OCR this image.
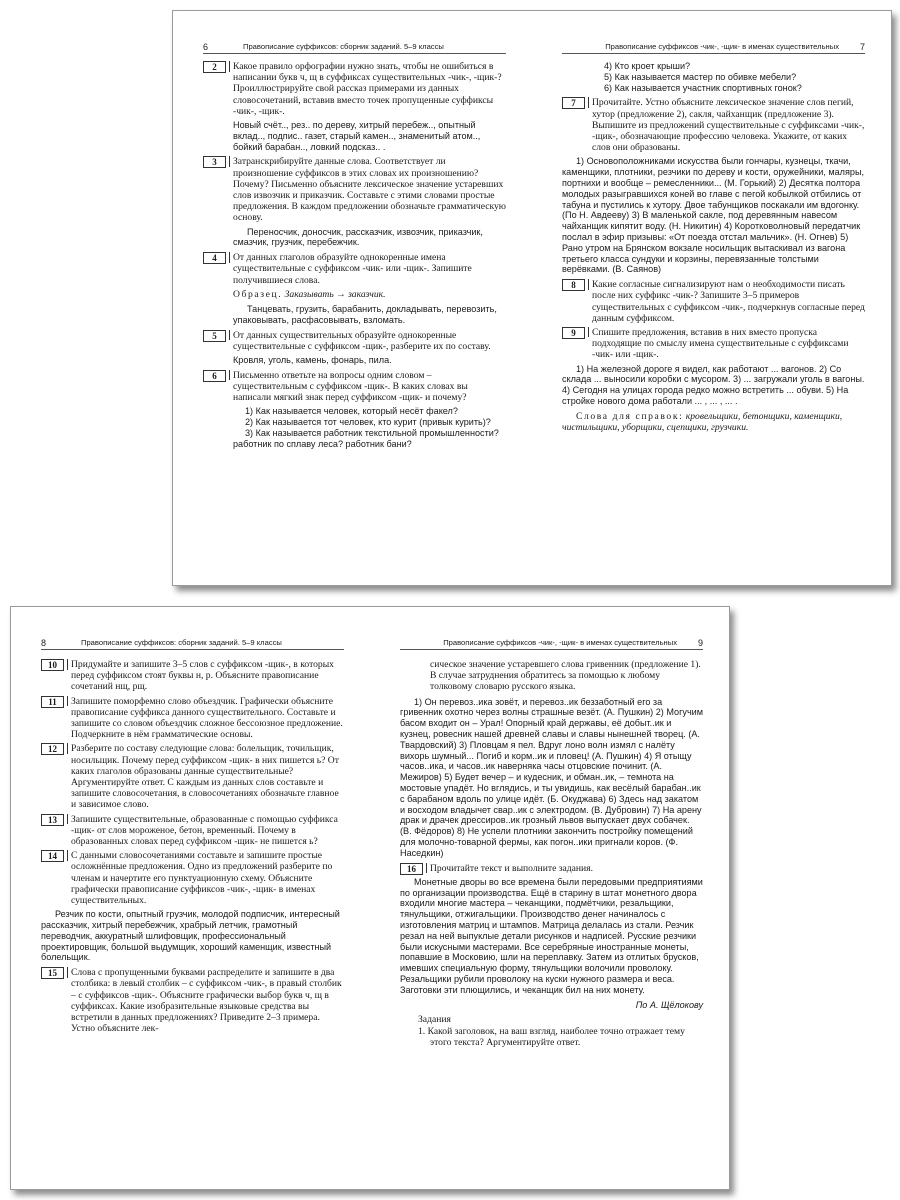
6	Правописание суффиксов: сборник заданий. 5–9 классы
2	Какое правило орфографии нужно знать, чтобы не ошибиться в написании букв ч, щ в суффиксах существительных -чик-, -щик-? Проиллюстрируйте свой рассказ примерами из данных словосочетаний, вставив вместо точек пропущенные суффиксы -чик-, -щик-.
Новый счёт.., рез.. по дереву, хитрый перебеж.., опытный вклад.., подпис.. газет, старый камен.., знаменитый атом.., бойкий барабан.., ловкий подсказ.. .
3	Затранскрибируйте данные слова. Соответствует ли произношение суффиксов в этих словах их произношению? Почему? Письменно объясните лексическое значение устаревших слов извозчик и приказчик. Составьте с этими словами простые предложения. В каждом предложении обозначьте грамматическую основу.
Переносчик, доносчик, рассказчик, извозчик, приказчик, смазчик, грузчик, перебежчик.
4	От данных глаголов образуйте однокоренные имена существительные с суффиксом -чик- или -щик-. Запишите получившиеся слова.
Образец. Заказывать → заказчик.
Танцевать, грузить, барабанить, докладывать, перевозить, упаковывать, расфасовывать, взломать.
5	От данных существительных образуйте однокоренные существительные с суффиксом -щик-, разберите их по составу.
Кровля, уголь, камень, фонарь, пила.
6	Письменно ответьте на вопросы одним словом – существительным с суффиксом -щик-. В каких словах вы написали мягкий знак перед суффиксом -щик- и почему?
1) Как называется человек, который несёт факел?
2) Как называется тот человек, кто курит (привык курить)?
3) Как называется работник текстильной промышленности? работник по сплаву леса? работник бани?
Правописание суффиксов -чик-, -щик- в именах существительных 7
4) Кто кроет крыши?
5) Как называется мастер по обивке мебели?
6) Как называется участник спортивных гонок?
7	Прочитайте. Устно объясните лексическое значение слов пегий, хутор (предложение 2), сакля, чайханщик (предложение 3). Выпишите из предложений существительные с суффиксами -чик-, -щик-, обозначающие профессию человека. Укажите, от каких слов они образованы.
1) Основоположниками искусства были гончары, кузнецы, ткачи, каменщики, плотники, резчики по дереву и кости, оружейники, маляры, портнихи и вообще – ремесленники... (М. Горький) 2) Десятка полтора молодых разыгравшихся коней во главе с пегой кобылкой отбились от табуна и пустились к хутору. Двое табунщиков поскакали им вдогонку. (По Н. Авдееву) 3) В маленькой сакле, под деревянным навесом чайханщик кипятит воду. (Н. Никитин) 4) Коротковолновый передатчик послал в эфир призывы: «От поезда отстал мальчик». (Н. Огнев) 5) Рано утром на Брянском вокзале носильщик вытаскивал из вагона третьего класса сундуки и корзины, перевязанные толстыми верёвками. (В. Саянов)
8	Какие согласные сигнализируют нам о необходимости писать после них суффикс -чик-? Запишите 3–5 примеров существительных с суффиксом -чик-, подчеркнув согласные перед данным суффиксом.
9	Спишите предложения, вставив в них вместо пропуска подходящие по смыслу имена существительные с суффиксами -чик- или -щик-.
1) На железной дороге я видел, как работают ... вагонов. 2) Со склада ... выносили коробки с мусором. 3) ... загружали уголь в вагоны. 4) Сегодня на улицах города редко можно встретить ... обуви. 5) На стройке нового дома работали ... , ... , ... .
Слова для справок: кровельщики, бетонщики, каменщики, чистильщики, уборщики, сцепщики, грузчики.
8	Правописание суффиксов: сборник заданий. 5–9 классы
10	Придумайте и запишите 3–5 слов с суффиксом -щик-, в которых перед суффиксом стоят буквы н, р. Объясните правописание сочетаний нщ, рщ.
11	Запишите поморфемно слово объездчик. Графически объясните правописание суффикса данного существительного. Составьте и запишите со словом объездчик сложное бессоюзное предложение. Подчеркните в нём грамматические основы.
12	Разберите по составу следующие слова: болельщик, точильщик, носильщик. Почему перед суффиксом -щик- в них пишется ь? От каких глаголов образованы данные существительные? Аргументируйте ответ. С каждым из данных слов составьте и запишите словосочетания, в словосочетаниях обозначьте главное и зависимое слово.
13	Запишите существительные, образованные с помощью суффикса -щик- от слов мороженое, бетон, временный. Почему в образованных словах перед суффиксом -щик- не пишется ь?
14	С данными словосочетаниями составьте и запишите простые осложнённые предложения. Одно из предложений разберите по членам и начертите его пунктуационную схему. Объясните графически правописание суффиксов -чик-, -щик- в именах существительных.
Резчик по кости, опытный грузчик, молодой подписчик, интересный рассказчик, хитрый перебежчик, храбрый летчик, грамотный переводчик, аккуратный шлифовщик, профессиональный проектировщик, большой выдумщик, хороший каменщик, известный болельщик.
15	Слова с пропущенными буквами распределите и запишите в два столбика: в левый столбик – с суффиксом -чик-, в правый столбик – с суффиксов -щик-. Объясните графически выбор букв ч, щ в суффиксах. Какие изобразительные языковые средства вы встретили в данных предложениях? Приведите 2–3 примера. Устно объясните лек-
Правописание суффиксов -чик-, -щик- в именах существительных 9
сическое значение устаревшего слова гривенник (предложение 1). В случае затруднения обратитесь за помощью к любому толковому словарю русского языка.
1) Он перевоз..ика зовёт, и перевоз..ик беззаботный его за гривенник охотно через волны страшные везёт. (А. Пушкин) 2) Могучим басом входит он – Урал! Опорный край державы, её добыт..ик и кузнец, ровесник нашей древней славы и славы нынешней творец. (А. Твардовский) 3) Пловцам я пел. Вдруг лоно волн измял с налёту вихорь шумный... Погиб и корм..ик и пловец! (А. Пушкин) 4) Я отыщу часов..ика, и часов..ик наверняка часы отцовские починит. (А. Межиров) 5) Будет вечер – и кудесник, и обман..ик, – темнота на мостовые упадёт. Но вглядись, и ты увидишь, как весёлый барабан..ик с барабаном вдоль по улице идёт. (Б. Окуджава) 6) Здесь над закатом и восходом владычет свар..ик с электродом. (В. Дубровин) 7) На арену драк и драчек дрессиров..ик грозный львов выпускает двух собачек. (В. Фёдоров) 8) Не успели плотники закончить постройку помещений для молочно-товарной фермы, как погон..ики пригнали коров. (Ф. Наседкин)
16	Прочитайте текст и выполните задания.
Монетные дворы во все времена были передовыми предприятиями по организации производства. Ещё в старину в штат монетного двора входили многие мастера – чеканщики, подмётчики, резальщики, тянульщики, отжигальщики. Производство денег начиналось с изготовления матриц и штампов. Матрица делалась из стали. Резчик резал на ней выпуклые детали рисунков и надписей. Русские резчики были искусными мастерами. Все серебряные иностранные монеты, попавшие в Московию, шли на переплавку. Затем из отлитых брусков, имевших специальную форму, тянульщики волочили проволоку. Резальщики рубили проволоку на куски нужного размера и веса. Заготовки эти плющились, и чеканщик бил на них монету.
По А. Щёлокову
Задания
1. Какой заголовок, на ваш взгляд, наиболее точно отражает тему этого текста? Аргументируйте ответ.
